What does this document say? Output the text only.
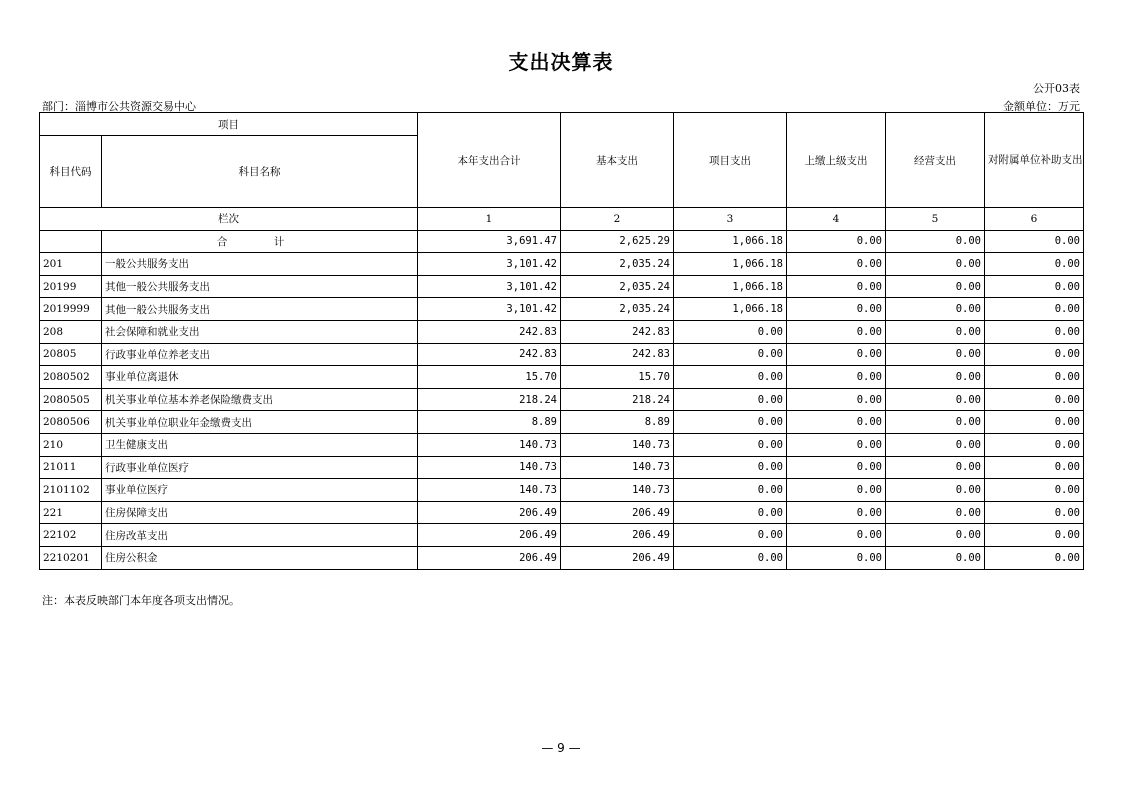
支出决算表
公开03表
部门：淄博市公共资源交易中心	金额单位：万元
项目		本年支出合计	基本支出	项目支出	上缴上级支出	经营支出	对附属单位补助支出
科目代码	科目名称						
栏次		1	2	3	4	5	6
	合　计	3,691.47	2,625.29	1,066.18	0.00	0.00	0.00
201	一般公共服务支出	3,101.42	2,035.24	1,066.18	0.00	0.00	0.00
20199	其他一般公共服务支出	3,101.42	2,035.24	1,066.18	0.00	0.00	0.00
2019999	其他一般公共服务支出	3,101.42	2,035.24	1,066.18	0.00	0.00	0.00
208	社会保障和就业支出	242.83	242.83	0.00	0.00	0.00	0.00
20805	行政事业单位养老支出	242.83	242.83	0.00	0.00	0.00	0.00
2080502	事业单位离退休	15.70	15.70	0.00	0.00	0.00	0.00
2080505	机关事业单位基本养老保险缴费支出	218.24	218.24	0.00	0.00	0.00	0.00
2080506	机关事业单位职业年金缴费支出	8.89	8.89	0.00	0.00	0.00	0.00
210	卫生健康支出	140.73	140.73	0.00	0.00	0.00	0.00
21011	行政事业单位医疗	140.73	140.73	0.00	0.00	0.00	0.00
2101102	事业单位医疗	140.73	140.73	0.00	0.00	0.00	0.00
221	住房保障支出	206.49	206.49	0.00	0.00	0.00	0.00
22102	住房改革支出	206.49	206.49	0.00	0.00	0.00	0.00
2210201	住房公积金	206.49	206.49	0.00	0.00	0.00	0.00
注：本表反映部门本年度各项支出情况。
— 9 —
